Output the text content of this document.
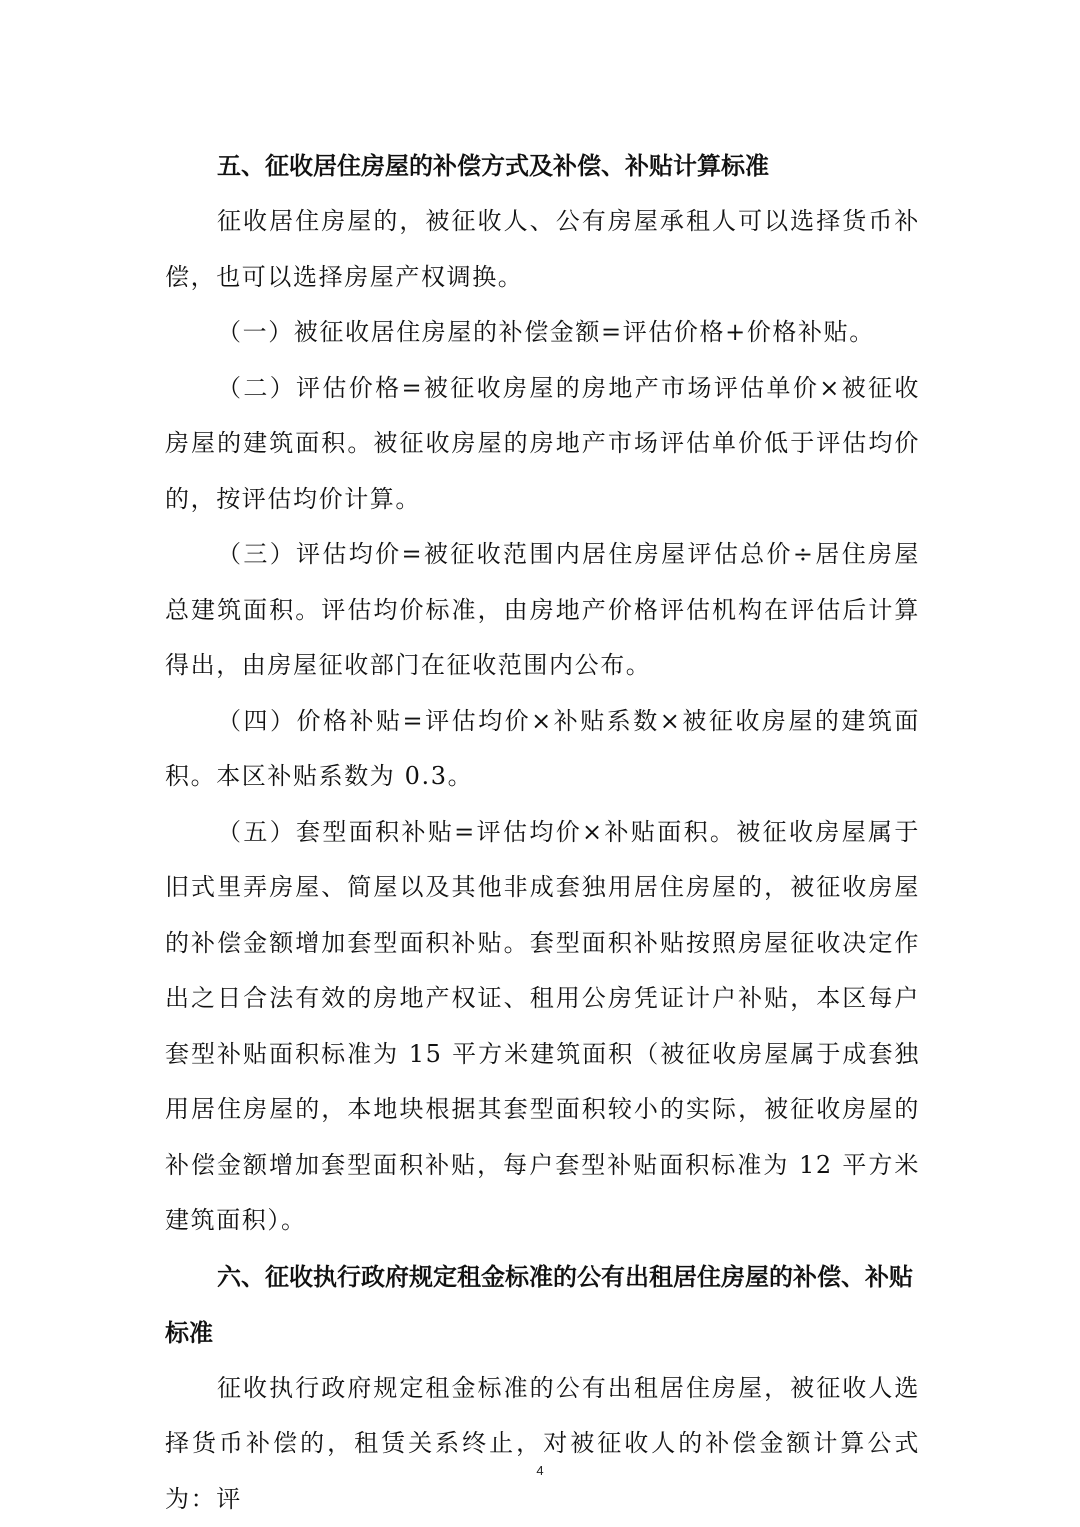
五、征收居住房屋的补偿方式及补偿、补贴计算标准

征收居住房屋的，被征收人、公有房屋承租人可以选择货币补偿，也可以选择房屋产权调换。

（一）被征收居住房屋的补偿金额=评估价格+价格补贴。

（二）评估价格=被征收房屋的房地产市场评估单价×被征收房屋的建筑面积。被征收房屋的房地产市场评估单价低于评估均价的，按评估均价计算。

（三）评估均价=被征收范围内居住房屋评估总价÷居住房屋总建筑面积。评估均价标准，由房地产价格评估机构在评估后计算得出，由房屋征收部门在征收范围内公布。

（四）价格补贴=评估均价×补贴系数×被征收房屋的建筑面积。本区补贴系数为 0.3。

（五）套型面积补贴=评估均价×补贴面积。被征收房屋属于旧式里弄房屋、简屋以及其他非成套独用居住房屋的，被征收房屋的补偿金额增加套型面积补贴。套型面积补贴按照房屋征收决定作出之日合法有效的房地产权证、租用公房凭证计户补贴，本区每户套型补贴面积标准为 15 平方米建筑面积（被征收房屋属于成套独用居住房屋的，本地块根据其套型面积较小的实际，被征收房屋的补偿金额增加套型面积补贴，每户套型补贴面积标准为 12 平方米建筑面积）。

六、征收执行政府规定租金标准的公有出租居住房屋的补偿、补贴标准

征收执行政府规定租金标准的公有出租居住房屋，被征收人选择货币补偿的，租赁关系终止，对被征收人的补偿金额计算公式为：评

4
